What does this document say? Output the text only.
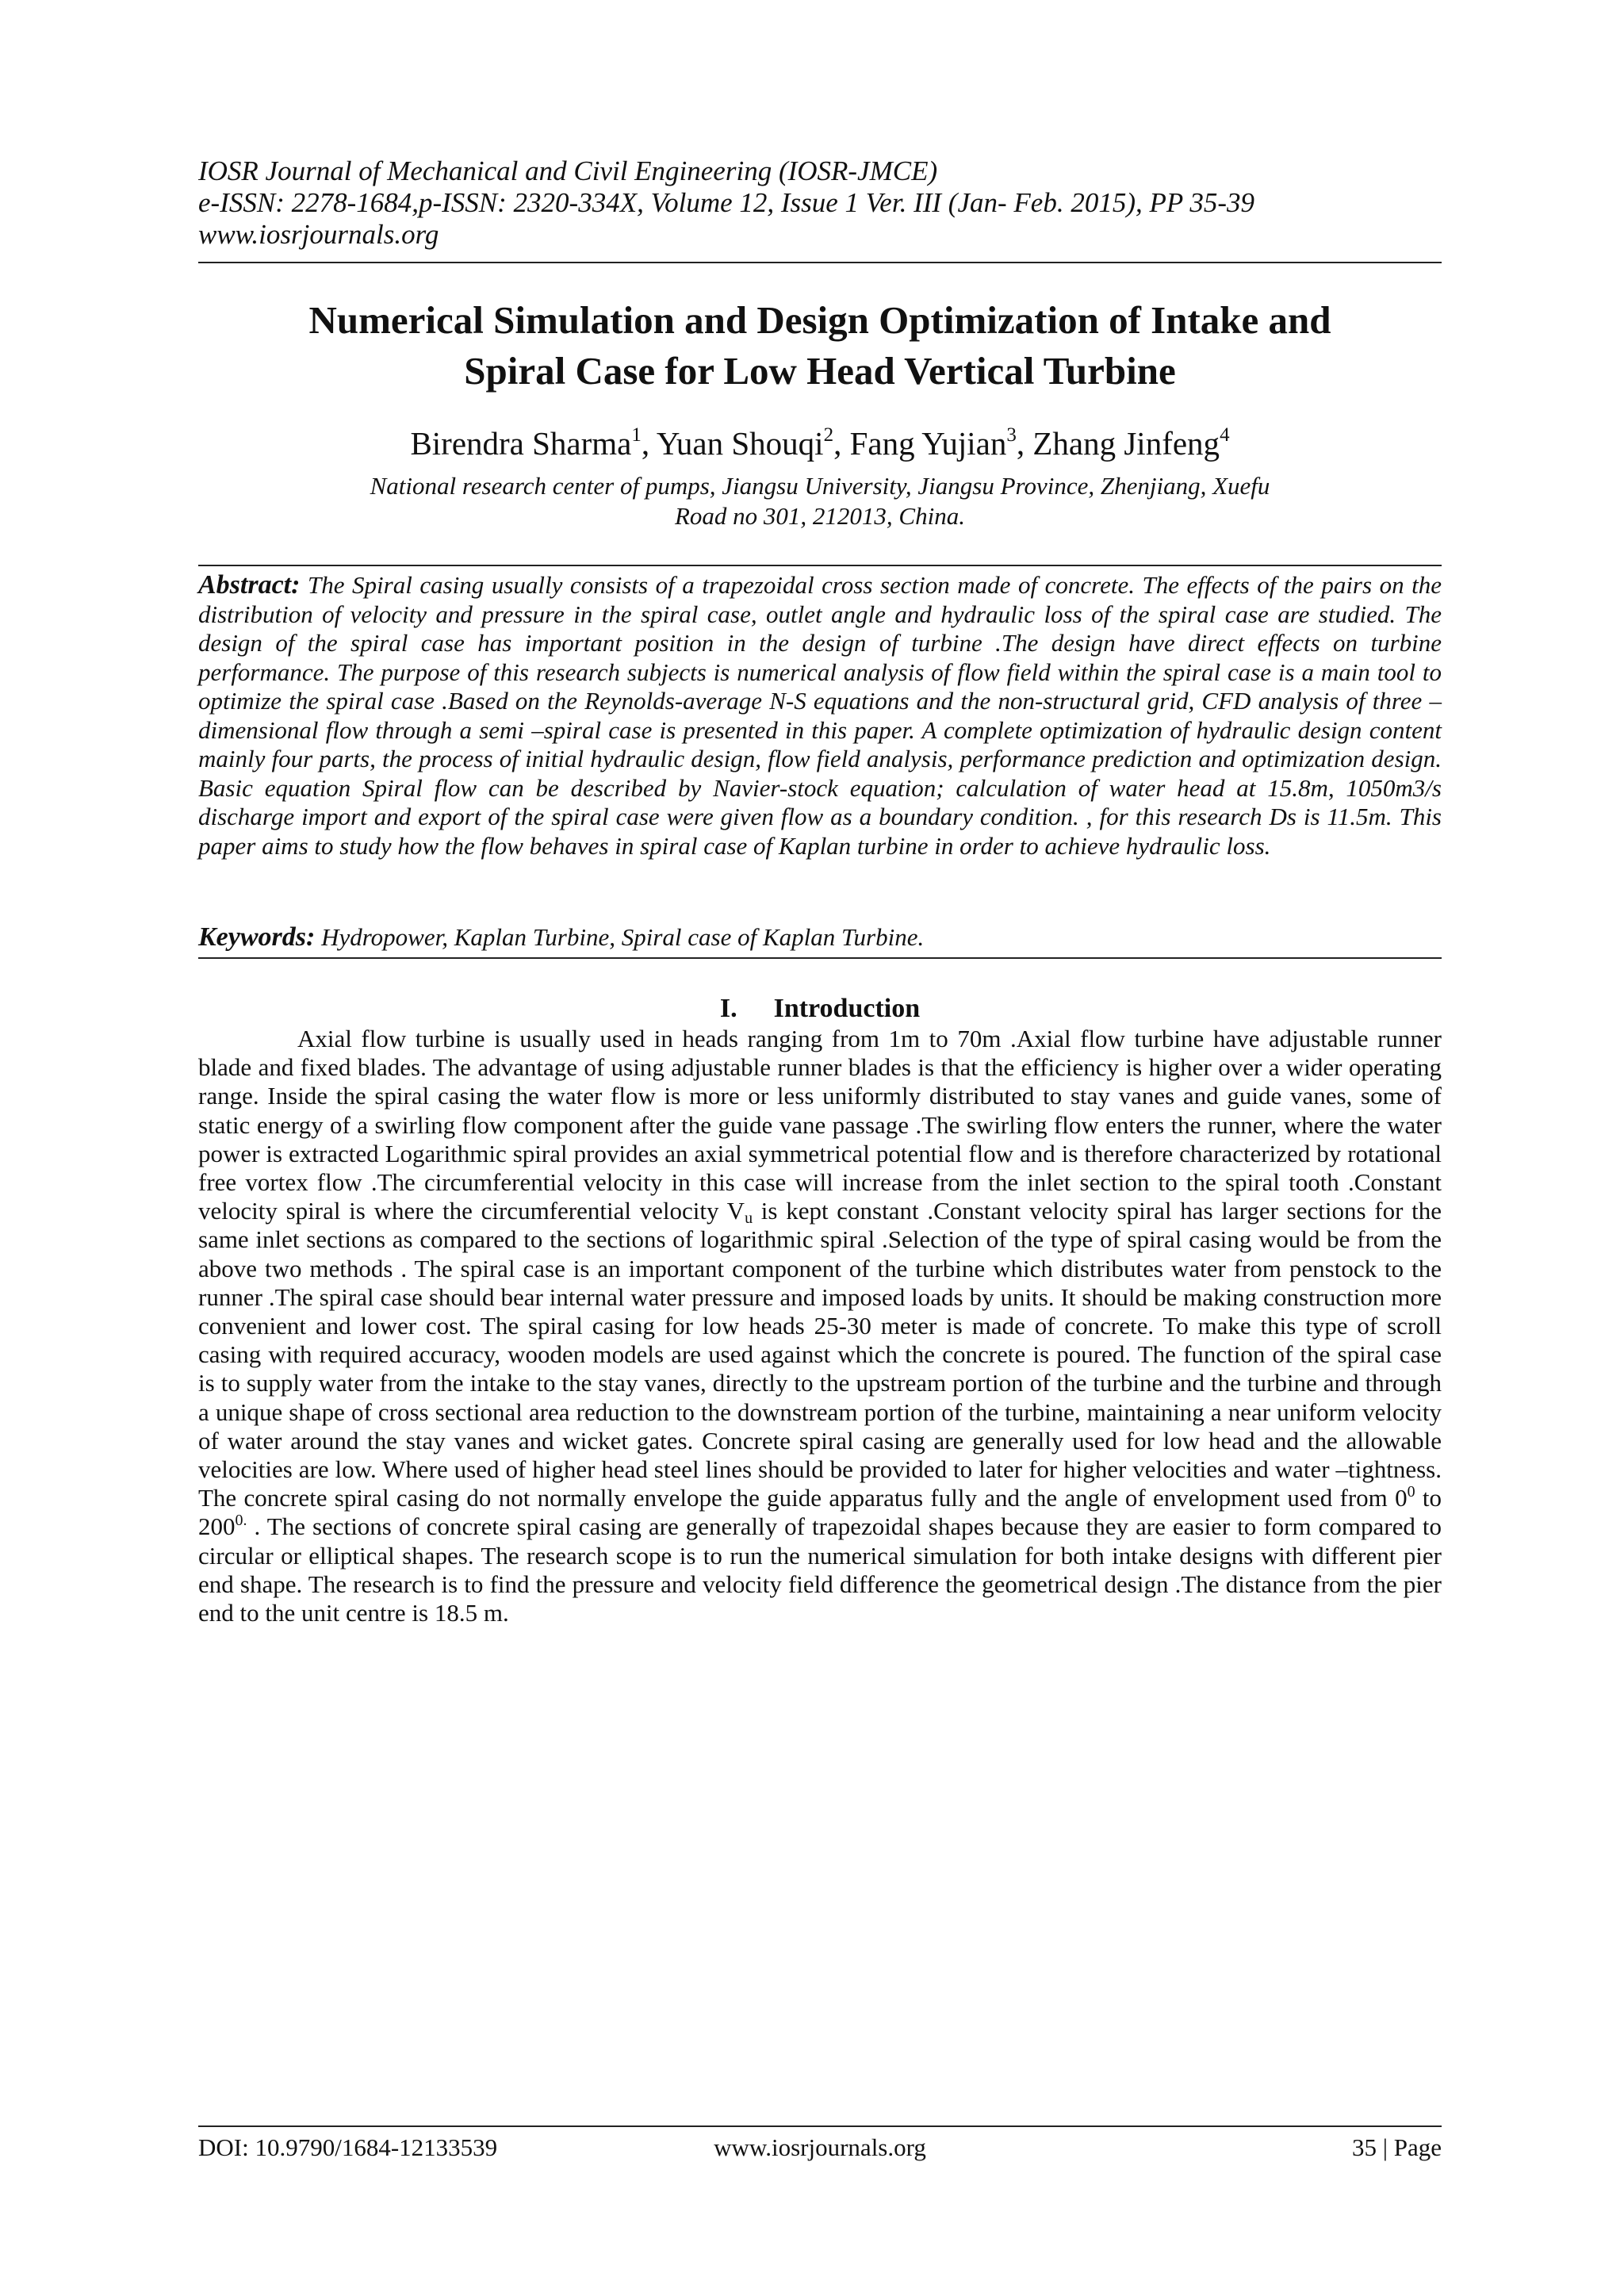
IOSR Journal of Mechanical and Civil Engineering (IOSR-JMCE)
e-ISSN: 2278-1684,p-ISSN: 2320-334X, Volume 12, Issue 1 Ver. III (Jan- Feb. 2015), PP 35-39
www.iosrjournals.org
Numerical Simulation and Design Optimization of Intake and
Spiral Case for Low Head Vertical Turbine
Birendra Sharma$^1$, Yuan Shouqi$^2$, Fang Yujian$^3$, Zhang Jinfeng$^4$
National research center of pumps, Jiangsu University, Jiangsu Province, Zhenjiang, Xuefu
Road no 301, 212013, China.
Abstract: The Spiral casing usually consists of a trapezoidal cross section made of concrete. The effects of the pairs on the distribution of velocity and pressure in the spiral case, outlet angle and hydraulic loss of the spiral case are studied. The design of the spiral case has important position in the design of turbine .The design have direct effects on turbine performance. The purpose of this research subjects is numerical analysis of flow field within the spiral case is a main tool to optimize the spiral case .Based on the Reynolds-average N-S equations and the non-structural grid, CFD analysis of three –dimensional flow through a semi –spiral case is presented in this paper. A complete optimization of hydraulic design content mainly four parts, the process of initial hydraulic design, flow field analysis, performance prediction and optimization design. Basic equation Spiral flow can be described by Navier-stock equation; calculation of water head at 15.8m, 1050m3/s discharge import and export of the spiral case were given flow as a boundary condition. , for this research Ds is 11.5m. This paper aims to study how the flow behaves in spiral case of Kaplan turbine in order to achieve hydraulic loss.
Keywords: Hydropower, Kaplan Turbine, Spiral case of Kaplan Turbine.
I. Introduction
Axial flow turbine is usually used in heads ranging from 1m to 70m .Axial flow turbine have adjustable runner blade and fixed blades. The advantage of using adjustable runner blades is that the efficiency is higher over a wider operating range. Inside the spiral casing the water flow is more or less uniformly distributed to stay vanes and guide vanes, some of static energy of a swirling flow component after the guide vane passage .The swirling flow enters the runner, where the water power is extracted Logarithmic spiral provides an axial symmetrical potential flow and is therefore characterized by rotational free vortex flow .The circumferential velocity in this case will increase from the inlet section to the spiral tooth .Constant velocity spiral is where the circumferential velocity $V_u$ is kept constant .Constant velocity spiral has larger sections for the same inlet sections as compared to the sections of logarithmic spiral .Selection of the type of spiral casing would be from the above two methods . The spiral case is an important component of the turbine which distributes water from penstock to the runner .The spiral case should bear internal water pressure and imposed loads by units. It should be making construction more convenient and lower cost. The spiral casing for low heads 25-30 meter is made of concrete. To make this type of scroll casing with required accuracy, wooden models are used against which the concrete is poured. The function of the spiral case is to supply water from the intake to the stay vanes, directly to the upstream portion of the turbine and the turbine and through a unique shape of cross sectional area reduction to the downstream portion of the turbine, maintaining a near uniform velocity of water around the stay vanes and wicket gates. Concrete spiral casing are generally used for low head and the allowable velocities are low. Where used of higher head steel lines should be provided to later for higher velocities and water –tightness. The concrete spiral casing do not normally envelope the guide apparatus fully and the angle of envelopment used from $0^0$ to $200^{0.}$ . The sections of concrete spiral casing are generally of trapezoidal shapes because they are easier to form compared to circular or elliptical shapes. The research scope is to run the numerical simulation for both intake designs with different pier end shape. The research is to find the pressure and velocity field difference the geometrical design .The distance from the pier end to the unit centre is 18.5 m.
DOI: 10.9790/1684-12133539	www.iosrjournals.org	35 | Page
